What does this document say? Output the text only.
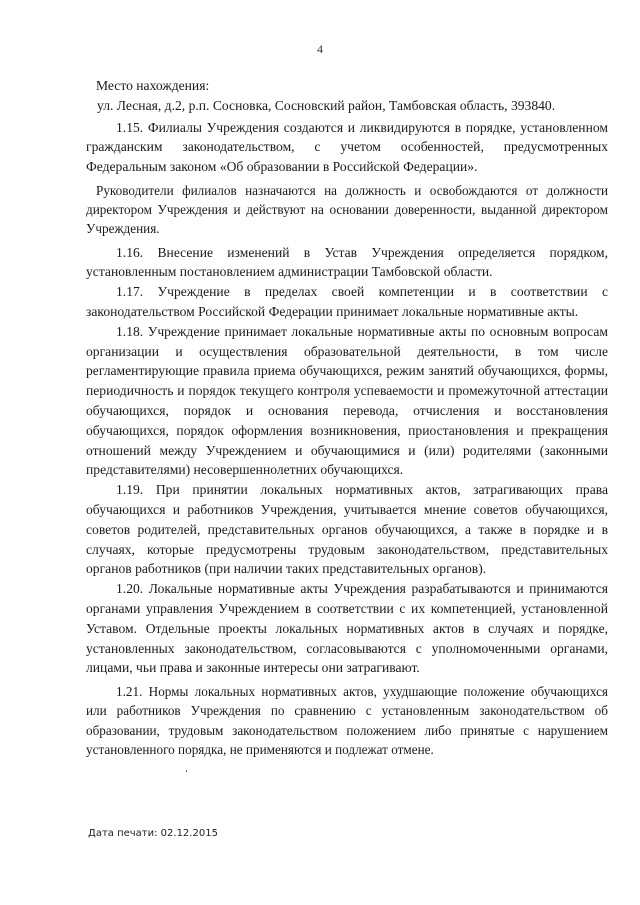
4

Место нахождения:

ул. Лесная, д.2, р.п. Сосновка, Сосновский район, Тамбовская область, 393840.

1.15. Филиалы Учреждения создаются и ликвидируются в порядке, установленном гражданским законодательством, с учетом особенностей, предусмотренных Федеральным законом «Об образовании в Российской Федерации».

Руководители филиалов назначаются на должность и освобождаются от должности директором Учреждения и действуют на основании доверенности, выданной директором Учреждения.

1.16. Внесение изменений в Устав Учреждения определяется порядком, установленным постановлением администрации Тамбовской области.

1.17. Учреждение в пределах своей компетенции и в соответствии с законодательством Российской Федерации принимает локальные нормативные акты.

1.18. Учреждение принимает локальные нормативные акты по основным вопросам организации и осуществления образовательной деятельности, в том числе регламентирующие правила приема обучающихся, режим занятий обучающихся, формы, периодичность и порядок текущего контроля успеваемости и промежуточной аттестации обучающихся, порядок и основания перевода, отчисления и восстановления обучающихся, порядок оформления возникновения, приостановления и прекращения отношений между Учреждением и обучающимися и (или) родителями (законными представителями) несовершеннолетних обучающихся.

1.19. При принятии локальных нормативных актов, затрагивающих права обучающихся и работников Учреждения, учитывается мнение советов обучающихся, советов родителей, представительных органов обучающихся, а также в порядке и в случаях, которые предусмотрены трудовым законодательством, представительных органов работников (при наличии таких представительных органов).

1.20. Локальные нормативные акты Учреждения разрабатываются и принимаются органами управления Учреждением в соответствии с их компетенцией, установленной Уставом. Отдельные проекты локальных нормативных актов в случаях и порядке, установленных законодательством, согласовываются с уполномоченными органами, лицами, чьи права и законные интересы они затрагивают.

1.21. Нормы локальных нормативных актов, ухудшающие положение обучающихся или работников Учреждения по сравнению с установленным законодательством об образовании, трудовым законодательством положением либо принятые с нарушением установленного порядка, не применяются и подлежат отмене.

Дата печати: 02.12.2015
